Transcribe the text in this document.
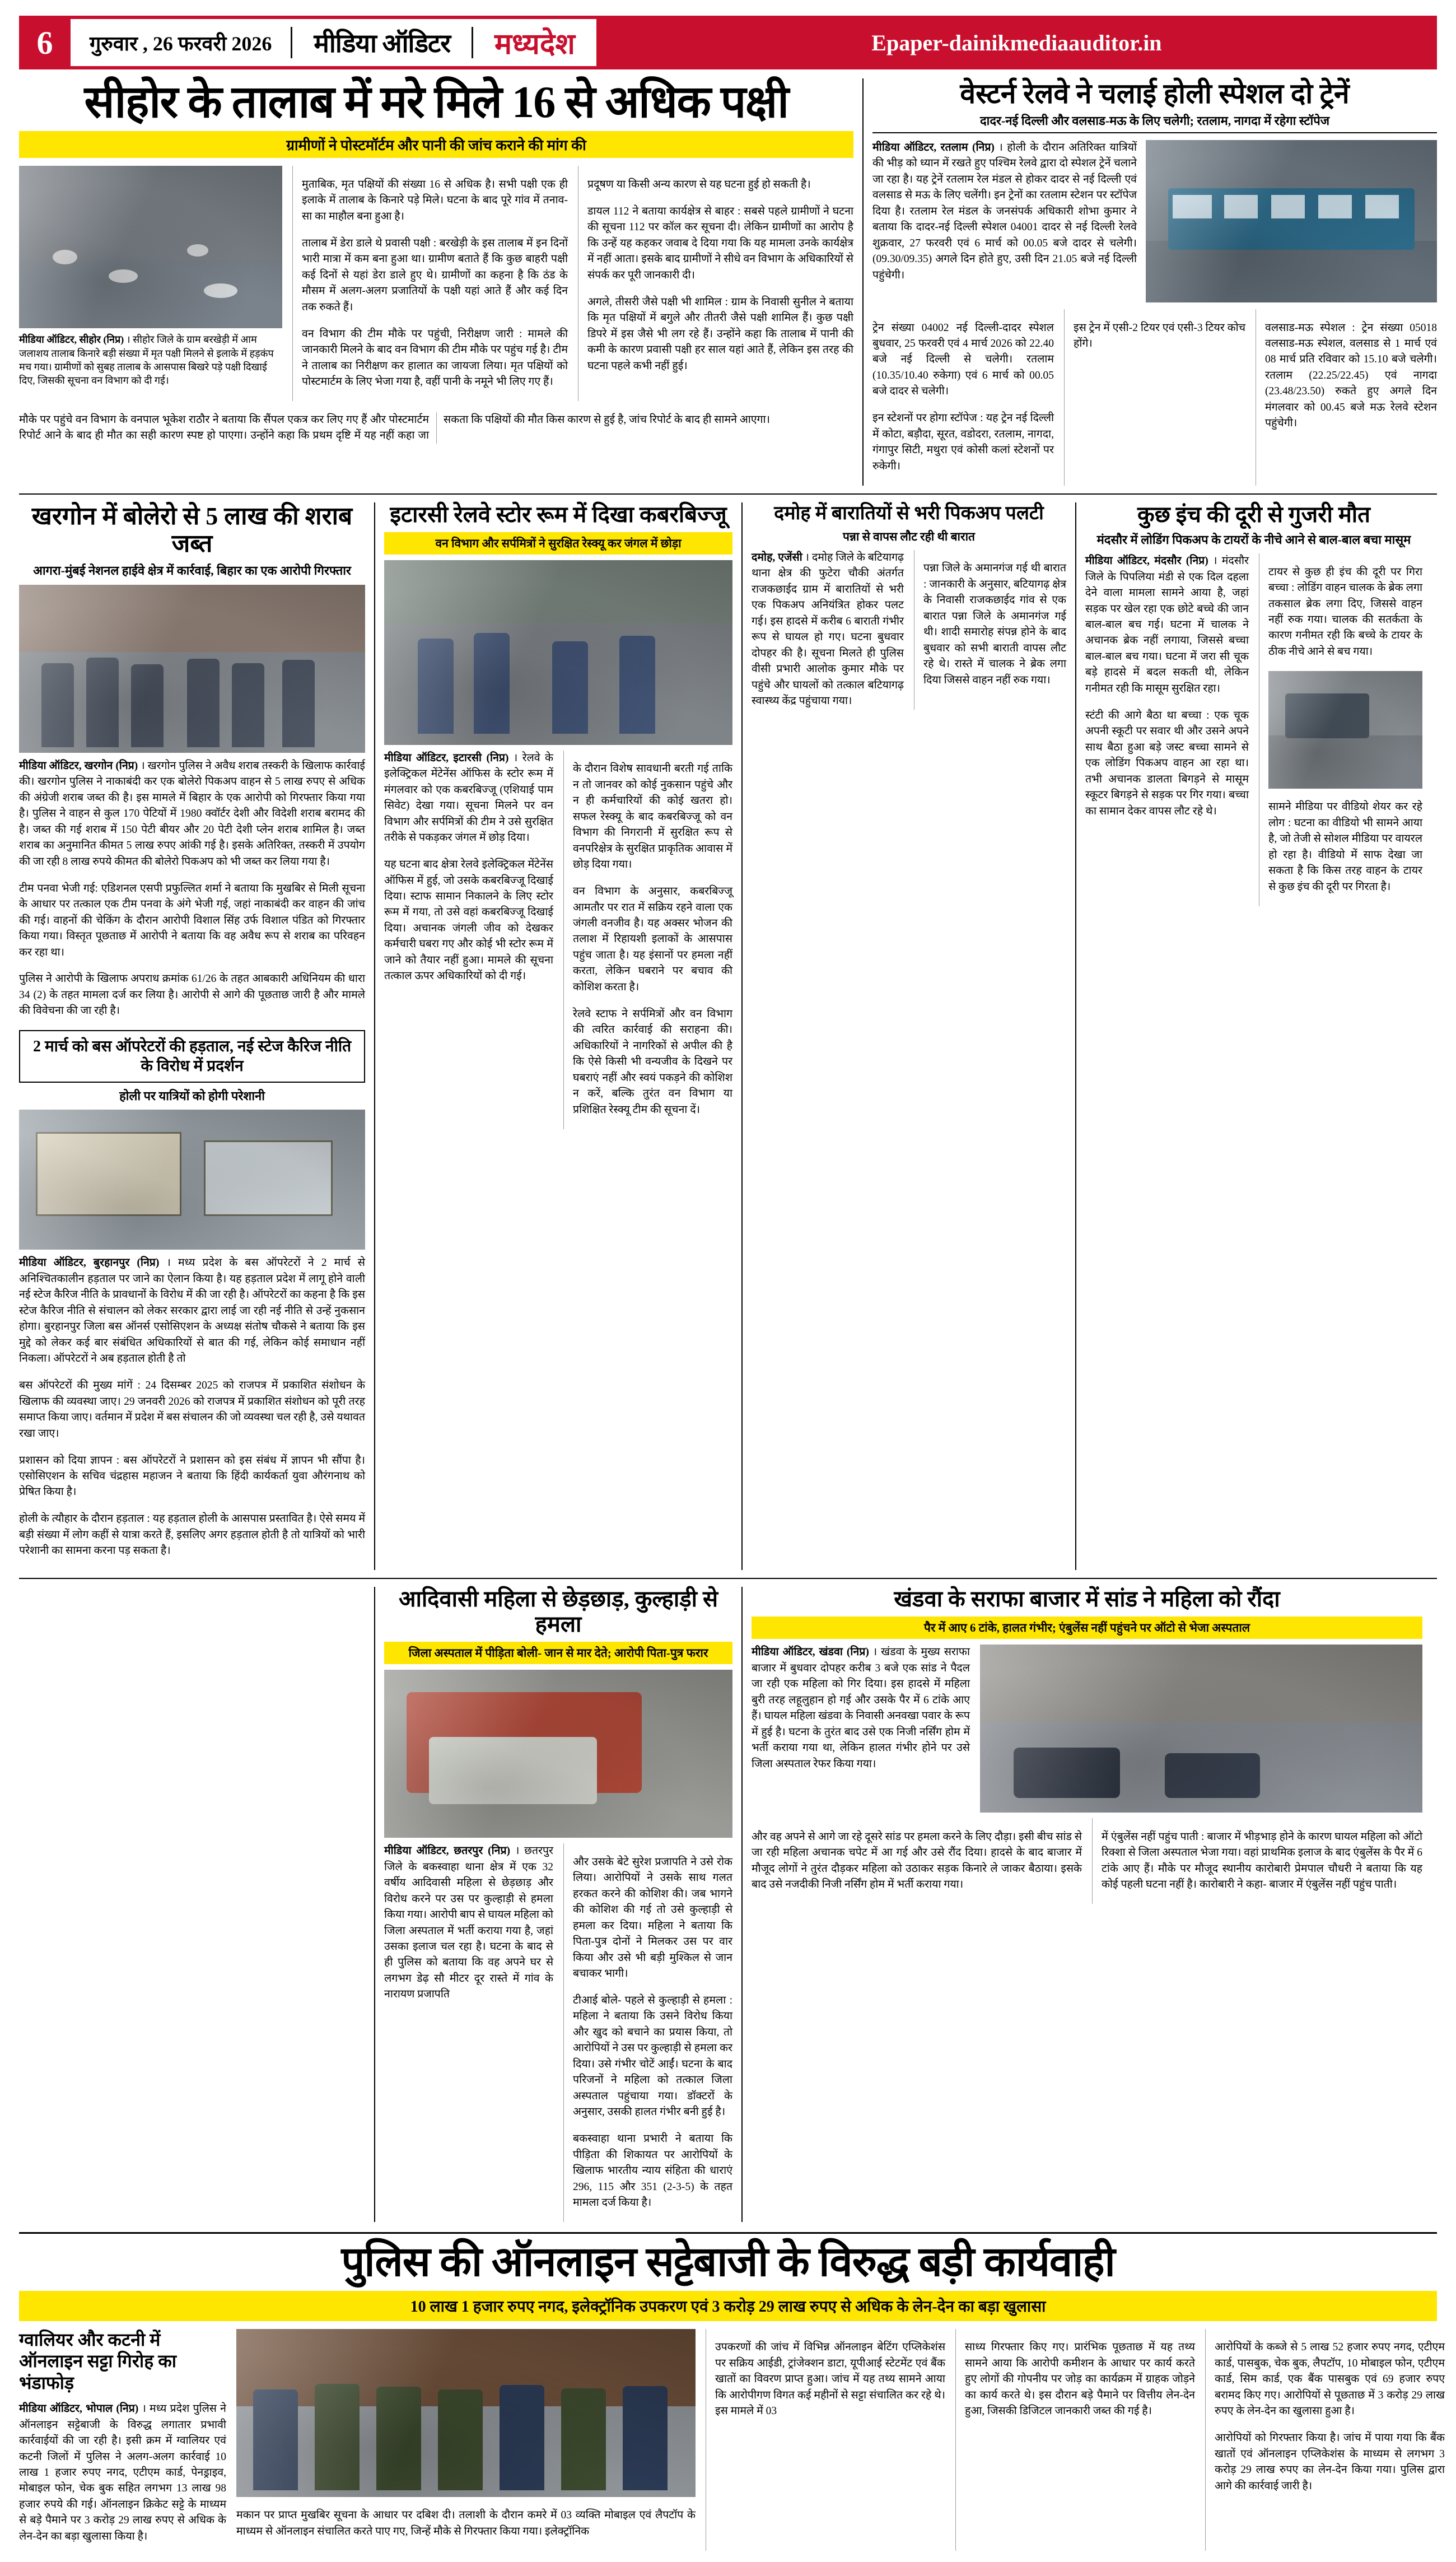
6	गुरुवार , 26 फरवरी 2026	मीडिया ऑडिटर	मध्यदेश	Epaper-dainikmediaauditor.in
सीहोर के तालाब में मरे मिले 16 से अधिक पक्षी
ग्रामीणों ने पोस्टमॉर्टम और पानी की जांच कराने की मांग की
मीडिया ऑडिटर, सीहोर (निप्र) । सीहोर जिले के ग्राम बरखेड़ी में आम जलाशय तालाब किनारे बड़ी संख्या में मृत पक्षी मिलने से इलाके में हड़कंप मच गया। ग्रामीणों को सुबह तालाब के आसपास बिखरे पड़े पक्षी दिखाई दिए, जिसकी सूचना वन विभाग को दी गई।

मुताबिक, मृत पक्षियों की संख्या 16 से अधिक है। सभी पक्षी एक ही इलाके में तालाब के किनारे पड़े मिले। घटना के बाद पूरे गांव में तनाव-सा का माहौल बना हुआ है।

तालाब में डेरा डाले थे प्रवासी पक्षी : बरखेड़ी के इस तालाब में इन दिनों भारी मात्रा में कम बना हुआ था। ग्रामीण बताते हैं कि कुछ बाहरी पक्षी कई दिनों से यहां डेरा डाले हुए थे। ग्रामीणों का कहना है कि ठंड के मौसम में अलग-अलग प्रजातियों के पक्षी यहां आते हैं और कई दिन तक रुकते हैं।

वन विभाग की टीम मौके पर पहुंची, निरीक्षण जारी : मामले की जानकारी मिलने के बाद वन विभाग की टीम मौके पर पहुंच गई है। टीम ने तालाब का निरीक्षण कर हालात का जायजा लिया। मृत पक्षियों को पोस्टमार्टम के लिए भेजा गया है, वहीं पानी के नमूने भी लिए गए हैं।

प्रदूषण या किसी अन्य कारण से यह घटना हुई हो सकती है।

डायल 112 ने बताया कार्यक्षेत्र से बाहर : सबसे पहले ग्रामीणों ने घटना की सूचना 112 पर कॉल कर सूचना दी। लेकिन ग्रामीणों का आरोप है कि उन्हें यह कहकर जवाब दे दिया गया कि यह मामला उनके कार्यक्षेत्र में नहीं आता। इसके बाद ग्रामीणों ने सीधे वन विभाग के अधिकारियों से संपर्क कर पूरी जानकारी दी।

अगले, तीसरी जैसे पक्षी भी शामिल : ग्राम के निवासी सुनील ने बताया कि मृत पक्षियों में बगुले और तीतरी जैसे पक्षी शामिल हैं। कुछ पक्षी डिपरे में इस जैसे भी लग रहे हैं। उन्होंने कहा कि तालाब में पानी की कमी के कारण प्रवासी पक्षी हर साल यहां आते हैं, लेकिन इस तरह की घटना पहले कभी नहीं हुई।

मौके पर पहुंचे वन विभाग के वनपाल भूकेश राठौर ने बताया कि सैंपल एकत्र कर लिए गए हैं और पोस्टमार्टम रिपोर्ट आने के बाद ही मौत का सही कारण स्पष्ट हो पाएगा। उन्होंने कहा कि प्रथम दृष्टि में यह नहीं कहा जा सकता कि पक्षियों की मौत किस कारण से हुई है, जांच रिपोर्ट के बाद ही सामने आएगा।

वेस्टर्न रेलवे ने चलाई होली स्पेशल दो ट्रेनें
दादर-नई दिल्ली और वलसाड-मऊ के लिए चलेगी; रतलाम, नागदा में रहेगा स्टॉपेज
मीडिया ऑडिटर, रतलाम (निप्र) । होली के दौरान अतिरिक्त यात्रियों की भीड़ को ध्यान में रखते हुए पश्चिम रेलवे द्वारा दो स्पेशल ट्रेनें चलाने जा रहा है। यह ट्रेनें रतलाम रेल मंडल से होकर दादर से नई दिल्ली एवं वलसाड से मऊ के लिए चलेंगी। इन ट्रेनों का रतलाम स्टेशन पर स्टॉपेज दिया है। रतलाम रेल मंडल के जनसंपर्क अधिकारी शोभा कुमार ने बताया कि दादर-नई दिल्ली स्पेशल 04001 दादर से नई दिल्ली रेलवे शुक्रवार, 27 फरवरी एवं 6 मार्च को 00.05 बजे दादर से चलेगी। (09.30/09.35) अगले दिन होते हुए, उसी दिन 21.05 बजे नई दिल्ली पहुंचेगी।

ट्रेन संख्या 04002 नई दिल्ली-दादर स्पेशल बुधवार, 25 फरवरी एवं 4 मार्च 2026 को 22.40 बजे नई दिल्ली से चलेगी। रतलाम (10.35/10.40 रुकेगा) एवं 6 मार्च को 00.05 बजे दादर से चलेगी।

इन स्टेशनों पर होगा स्टॉपेज : यह ट्रेन नई दिल्ली में कोटा, बड़ौदा, सूरत, वडोदरा, रतलाम, नागदा, गंगापुर सिटी, मथुरा एवं कोसी कलां स्टेशनों पर रुकेगी।

इस ट्रेन में एसी-2 टियर एवं एसी-3 टियर कोच होंगे।

वलसाड-मऊ स्पेशल : ट्रेन संख्या 05018 वलसाड-मऊ स्पेशल, वलसाड से 1 मार्च एवं 08 मार्च प्रति रविवार को 15.10 बजे चलेगी। रतलाम (22.25/22.45) एवं नागदा (23.48/23.50) रुकते हुए अगले दिन मंगलवार को 00.45 बजे मऊ रेलवे स्टेशन पहुंचेगी।

खरगोन में बोलेरो से 5 लाख की शराब जब्त
आगरा-मुंबई नेशनल हाईवे क्षेत्र में कार्रवाई, बिहार का एक आरोपी गिरफ्तार
मीडिया ऑडिटर, खरगोन (निप्र) । खरगोन पुलिस ने अवैध शराब तस्करी के खिलाफ कार्रवाई की। खरगोन पुलिस ने नाकाबंदी कर एक बोलेरो पिकअप वाहन से 5 लाख रुपए से अधिक की अंग्रेजी शराब जब्त की है। इस मामले में बिहार के एक आरोपी को गिरफ्तार किया गया है। पुलिस ने वाहन से कुल 170 पेटियों में 1980 क्वॉर्टर देशी और विदेशी शराब बरामद की है। जब्त की गई शराब में 150 पेटी बीयर और 20 पेटी देशी प्लेन शराब शामिल है। जब्त शराब का अनुमानित कीमत 5 लाख रुपए आंकी गई है। इसके अतिरिक्त, तस्करी में उपयोग की जा रही 8 लाख रुपये कीमत की बोलेरो पिकअप को भी जब्त कर लिया गया है।

टीम पनवा भेजी गई: एडिशनल एसपी प्रफुल्लित शर्मा ने बताया कि मुखबिर से मिली सूचना के आधार पर तत्काल एक टीम पनवा के अंगे भेजी गई, जहां नाकाबंदी कर वाहन की जांच की गई। वाहनों की चेकिंग के दौरान आरोपी विशाल सिंह उर्फ विशाल पंडित को गिरफ्तार किया गया। विस्तृत पूछताछ में आरोपी ने बताया कि वह अवैध रूप से शराब का परिवहन कर रहा था।

पुलिस ने आरोपी के खिलाफ अपराध क्रमांक 61/26 के तहत आबकारी अधिनियम की धारा 34 (2) के तहत मामला दर्ज कर लिया है। आरोपी से आगे की पूछताछ जारी है और मामले की विवेचना की जा रही है।

2 मार्च को बस ऑपरेटरों की हड़ताल, नई स्टेज कैरिज नीति के विरोध में प्रदर्शन
होली पर यात्रियों को होगी परेशानी
मीडिया ऑडिटर, बुरहानपुर (निप्र) । मध्य प्रदेश के बस ऑपरेटरों ने 2 मार्च से अनिश्चितकालीन हड़ताल पर जाने का ऐलान किया है। यह हड़ताल प्रदेश में लागू होने वाली नई स्टेज कैरिज नीति के प्रावधानों के विरोध में की जा रही है। ऑपरेटरों का कहना है कि इस स्टेज कैरिज नीति से संचालन को लेकर सरकार द्वारा लाई जा रही नई नीति से उन्हें नुकसान होगा। बुरहानपुर जिला बस ऑनर्स एसोसिएशन के अध्यक्ष संतोष चौकसे ने बताया कि इस मुद्दे को लेकर कई बार संबंधित अधिकारियों से बात की गई, लेकिन कोई समाधान नहीं निकला। ऑपरेटरों ने अब हड़ताल होती है तो

बस ऑपरेटरों की मुख्य मांगें : 24 दिसम्बर 2025 को राजपत्र में प्रकाशित संशोधन के खिलाफ की व्यवस्था जाए। 29 जनवरी 2026 को राजपत्र में प्रकाशित संशोधन को पूरी तरह समाप्त किया जाए। वर्तमान में प्रदेश में बस संचालन की जो व्यवस्था चल रही है, उसे यथावत रखा जाए।

प्रशासन को दिया ज्ञापन : बस ऑपरेटरों ने प्रशासन को इस संबंध में ज्ञापन भी सौंपा है। एसोसिएशन के सचिव चंद्रहास महाजन ने बताया कि हिंदी कार्यकर्ता युवा औरंगनाथ को प्रेषित किया है।

होली के त्यौहार के दौरान हड़ताल : यह हड़ताल होली के आसपास प्रस्तावित है। ऐसे समय में बड़ी संख्या में लोग कहीं से यात्रा करते हैं, इसलिए अगर हड़ताल होती है तो यात्रियों को भारी परेशानी का सामना करना पड़ सकता है।

इटारसी रेलवे स्टोर रूम में दिखा कबरबिज्जू
वन विभाग और सर्पमित्रों ने सुरक्षित रेस्क्यू कर जंगल में छोड़ा
मीडिया ऑडिटर, इटारसी (निप्र) । रेलवे के इलेक्ट्रिकल मेंटेनेंस ऑफिस के स्टोर रूम में मंगलवार को एक कबरबिज्जू (एशियाई पाम सिवेट) देखा गया। सूचना मिलने पर वन विभाग और सर्पमित्रों की टीम ने उसे सुरक्षित तरीके से पकड़कर जंगल में छोड़ दिया।

यह घटना बाद क्षेत्रा रेलवे इलेक्ट्रिकल मेंटेनेंस ऑफिस में हुई, जो उसके कबरबिज्जू दिखाई दिया। स्टाफ सामान निकालने के लिए स्टोर रूम में गया, तो उसे वहां कबरबिज्जू दिखाई दिया। अचानक जंगली जीव को देखकर कर्मचारी घबरा गए और कोई भी स्टोर रूम में जाने को तैयार नहीं हुआ। मामले की सूचना तत्काल ऊपर अधिकारियों को दी गई।

के दौरान विशेष सावधानी बरती गई ताकि न तो जानवर को कोई नुकसान पहुंचे और न ही कर्मचारियों की कोई खतरा हो। सफल रेस्क्यू के बाद कबरबिज्जू को वन विभाग की निगरानी में सुरक्षित रूप से वनपरिक्षेत्र के सुरक्षित प्राकृतिक आवास में छोड़ दिया गया।

वन विभाग के अनुसार, कबरबिज्जू आमतौर पर रात में सक्रिय रहने वाला एक जंगली वनजीव है। यह अक्सर भोजन की तलाश में रिहायशी इलाकों के आसपास पहुंच जाता है। यह इंसानों पर हमला नहीं करता, लेकिन घबराने पर बचाव की कोशिश करता है।

रेलवे स्टाफ ने सर्पमित्रों और वन विभाग की त्वरित कार्रवाई की सराहना की। अधिकारियों ने नागरिकों से अपील की है कि ऐसे किसी भी वन्यजीव के दिखने पर घबराएं नहीं और स्वयं पकड़ने की कोशिश न करें, बल्कि तुरंत वन विभाग या प्रशिक्षित रेस्क्यू टीम की सूचना दें।

दमोह में बारातियों से भरी पिकअप पलटी
पन्ना से वापस लौट रही थी बारात
दमोह, एजेंसी । दमोह जिले के बटियागढ़ थाना क्षेत्र की फुटेरा चौकी अंतर्गत राजकछाईद ग्राम में बारातियों से भरी एक पिकअप अनियंत्रित होकर पलट गई। इस हादसे में करीब 6 बाराती गंभीर रूप से घायल हो गए। घटना बुधवार दोपहर की है। सूचना मिलते ही पुलिस वीसी प्रभारी आलोक कुमार मौके पर पहुंचे और घायलों को तत्काल बटियागढ़ स्वास्थ्य केंद्र पहुंचाया गया।

पन्ना जिले के अमानगंज गई थी बारात : जानकारी के अनुसार, बटियागढ़ क्षेत्र के निवासी राजकछाईद गांव से एक बारात पन्ना जिले के अमानगंज गई थी। शादी समारोह संपन्न होने के बाद बुधवार को सभी बाराती वापस लौट रहे थे। रास्ते में चालक ने ब्रेक लगा दिया जिससे वाहन नहीं रुक गया।

कुछ इंच की दूरी से गुजरी मौत
मंदसौर में लोडिंग पिकअप के टायरों के नीचे आने से बाल-बाल बचा मासूम
मीडिया ऑडिटर, मंदसौर (निप्र) । मंदसौर जिले के पिपलिया मंडी से एक दिल दहला देने वाला मामला सामने आया है, जहां सड़क पर खेल रहा एक छोटे बच्चे की जान बाल-बाल बच गई। घटना में चालक ने अचानक ब्रेक नहीं लगाया, जिससे बच्चा बाल-बाल बच गया। घटना में जरा सी चूक बड़े हादसे में बदल सकती थी, लेकिन गनीमत रही कि मासूम सुरक्षित रहा।

स्टंटी की आगे बैठा था बच्चा : एक चूक अपनी स्कूटी पर सवार थी और उसने अपने साथ बैठा हुआ बड़े जस्ट बच्चा सामने से एक लोडिंग पिकअप वाहन आ रहा था। तभी अचानक डालता बिगड़ने से मासूम स्कूटर बिगड़ने से सड़क पर गिर गया। बच्चा का सामान देकर वापस लौट रहे थे।

टायर से कुछ ही इंच की दूरी पर गिरा बच्चा : लोडिंग वाहन चालक के ब्रेक लगा तकसाल ब्रेक लगा दिए, जिससे वाहन नहीं रुक गया। चालक की सतर्कता के कारण गनीमत रही कि बच्चे के टायर के ठीक नीचे आने से बच गया।

सामने मीडिया पर वीडियो शेयर कर रहे लोग : घटना का वीडियो भी सामने आया है, जो तेजी से सोशल मीडिया पर वायरल हो रहा है। वीडियो में साफ देखा जा सकता है कि किस तरह वाहन के टायर से कुछ इंच की दूरी पर गिरता है।

आदिवासी महिला से छेड़छाड़, कुल्हाड़ी से हमला
जिला अस्पताल में पीड़िता बोली- जान से मार देते; आरोपी पिता-पुत्र फरार
मीडिया ऑडिटर, छतरपुर (निप्र) । छतरपुर जिले के बकस्वाहा थाना क्षेत्र में एक 32 वर्षीय आदिवासी महिला से छेड़छाड़ और विरोध करने पर उस पर कुल्हाड़ी से हमला किया गया। आरोपी बाप से घायल महिला को जिला अस्पताल में भर्ती कराया गया है, जहां उसका इलाज चल रहा है। घटना के बाद से ही पुलिस को बताया कि वह अपने घर से लगभग डेढ़ सौ मीटर दूर रास्ते में गांव के नारायण प्रजापति

और उसके बेटे सुरेश प्रजापति ने उसे रोक लिया। आरोपियों ने उसके साथ गलत हरकत करने की कोशिश की। जब भागने की कोशिश की गई तो उसे कुल्हाड़ी से हमला कर दिया। महिला ने बताया कि पिता-पुत्र दोनों ने मिलकर उस पर वार किया और उसे भी बड़ी मुश्किल से जान बचाकर भागी।

टीआई बोले- पहले से कुल्हाड़ी से हमला : महिला ने बताया कि उसने विरोध किया और खुद को बचाने का प्रयास किया, तो आरोपियों ने उस पर कुल्हाड़ी से हमला कर दिया। उसे गंभीर चोटें आईं। घटना के बाद परिजनों ने महिला को तत्काल जिला अस्पताल पहुंचाया गया। डॉक्टरों के अनुसार, उसकी हालत गंभीर बनी हुई है।

बकस्वाहा थाना प्रभारी ने बताया कि पीड़िता की शिकायत पर आरोपियों के खिलाफ भारतीय न्याय संहिता की धाराएं 296, 115 और 351 (2-3-5) के तहत मामला दर्ज किया है।

खंडवा के सराफा बाजार में सांड ने महिला को रौंदा
पैर में आए 6 टांके, हालत गंभीर; एंबुलेंस नहीं पहुंचने पर ऑटो से भेजा अस्पताल
मीडिया ऑडिटर, खंडवा (निप्र) । खंडवा के मुख्य सराफा बाजार में बुधवार दोपहर करीब 3 बजे एक सांड ने पैदल जा रही एक महिला को गिर दिया। इस हादसे में महिला बुरी तरह लहूलुहान हो गई और उसके पैर में 6 टांके आए हैं। घायल महिला खंडवा के निवासी अनवखा पवार के रूप में हुई है। घटना के तुरंत बाद उसे एक निजी नर्सिंग होम में भर्ती कराया गया था, लेकिन हालत गंभीर होने पर उसे जिला अस्पताल रेफर किया गया।

और वह अपने से आगे जा रहे दूसरे सांड पर हमला करने के लिए दौड़ा। इसी बीच सांड से जा रही महिला अचानक चपेट में आ गई और उसे रौंद दिया। हादसे के बाद बाजार में मौजूद लोगों ने तुरंत दौड़कर महिला को उठाकर सड़क किनारे ले जाकर बैठाया। इसके बाद उसे नजदीकी निजी नर्सिंग होम में भर्ती कराया गया।

में एंबुलेंस नहीं पहुंच पाती : बाजार में भीड़भाड़ होने के कारण घायल महिला को ऑटो रिक्शा से जिला अस्पताल भेजा गया। वहां प्राथमिक इलाज के बाद एंबुलेंस के पैर में 6 टांके आए हैं। मौके पर मौजूद स्थानीय कारोबारी प्रेमपाल चौधरी ने बताया कि यह कोई पहली घटना नहीं है। कारोबारी ने कहा- बाजार में एंबुलेंस नहीं पहुंच पाती।

पुलिस की ऑनलाइन सट्टेबाजी के विरुद्ध बड़ी कार्यवाही
10 लाख 1 हजार रुपए नगद, इलेक्ट्रॉनिक उपकरण एवं 3 करोड़ 29 लाख रुपए से अधिक के लेन-देन का बड़ा खुलासा
ग्वालियर और कटनी में ऑनलाइन सट्टा गिरोह का भंडाफोड़
मीडिया ऑडिटर, भोपाल (निप्र) । मध्य प्रदेश पुलिस ने ऑनलाइन सट्टेबाजी के विरुद्ध लगातार प्रभावी कार्रवाईयों की जा रही है। इसी क्रम में ग्वालियर एवं कटनी जिलों में पुलिस ने अलग-अलग कार्रवाई 10 लाख 1 हजार रुपए नगद, एटीएम कार्ड, पेनड्राइव, मोबाइल फोन, चेक बुक सहित लगभग 13 लाख 98 हजार रुपये की गई। ऑनलाइन क्रिकेट सट्टे के माध्यम से बड़े पैमाने पर 3 करोड़ 29 लाख रुपए से अधिक के लेन-देन का बड़ा खुलासा किया है।

मकान पर प्राप्त मुखबिर सूचना के आधार पर दबिश दी। तलाशी के दौरान कमरे में 03 व्यक्ति मोबाइल एवं लैपटॉप के माध्यम से ऑनलाइन संचालित करते पाए गए, जिन्हें मौके से गिरफ्तार किया गया। इलेक्ट्रॉनिक

उपकरणों की जांच में विभिन्न ऑनलाइन बेटिंग एप्लिकेशंस पर सक्रिय आईडी, ट्रांजेक्शन डाटा, यूपीआई स्टेटमेंट एवं बैंक खातों का विवरण प्राप्त हुआ। जांच में यह तथ्य सामने आया कि आरोपीगण विगत कई महीनों से सट्टा संचालित कर रहे थे। इस मामले में 03

साध्य गिरफ्तार किए गए। प्रारंभिक पूछताछ में यह तथ्य सामने आया कि आरोपी कमीशन के आधार पर कार्य करते हुए लोगों की गोपनीय पर जोड़ का कार्यक्रम में ग्राहक जोड़ने का कार्य करते थे। इस दौरान बड़े पैमाने पर वित्तीय लेन-देन हुआ, जिसकी डिजिटल जानकारी जब्त की गई है।

आरोपियों के कब्जे से 5 लाख 52 हजार रुपए नगद, एटीएम कार्ड, पासबुक, चेक बुक, लैपटॉप, 10 मोबाइल फोन, एटीएम कार्ड, सिम कार्ड, एक बैंक पासबुक एवं 69 हजार रुपए बरामद किए गए। आरोपियों से पूछताछ में 3 करोड़ 29 लाख रुपए के लेन-देन का खुलासा हुआ है।

आरोपियों को गिरफ्तार किया है। जांच में पाया गया कि बैंक खातों एवं ऑनलाइन एप्लिकेशंस के माध्यम से लगभग 3 करोड़ 29 लाख रुपए का लेन-देन किया गया। पुलिस द्वारा आगे की कार्रवाई जारी है।
